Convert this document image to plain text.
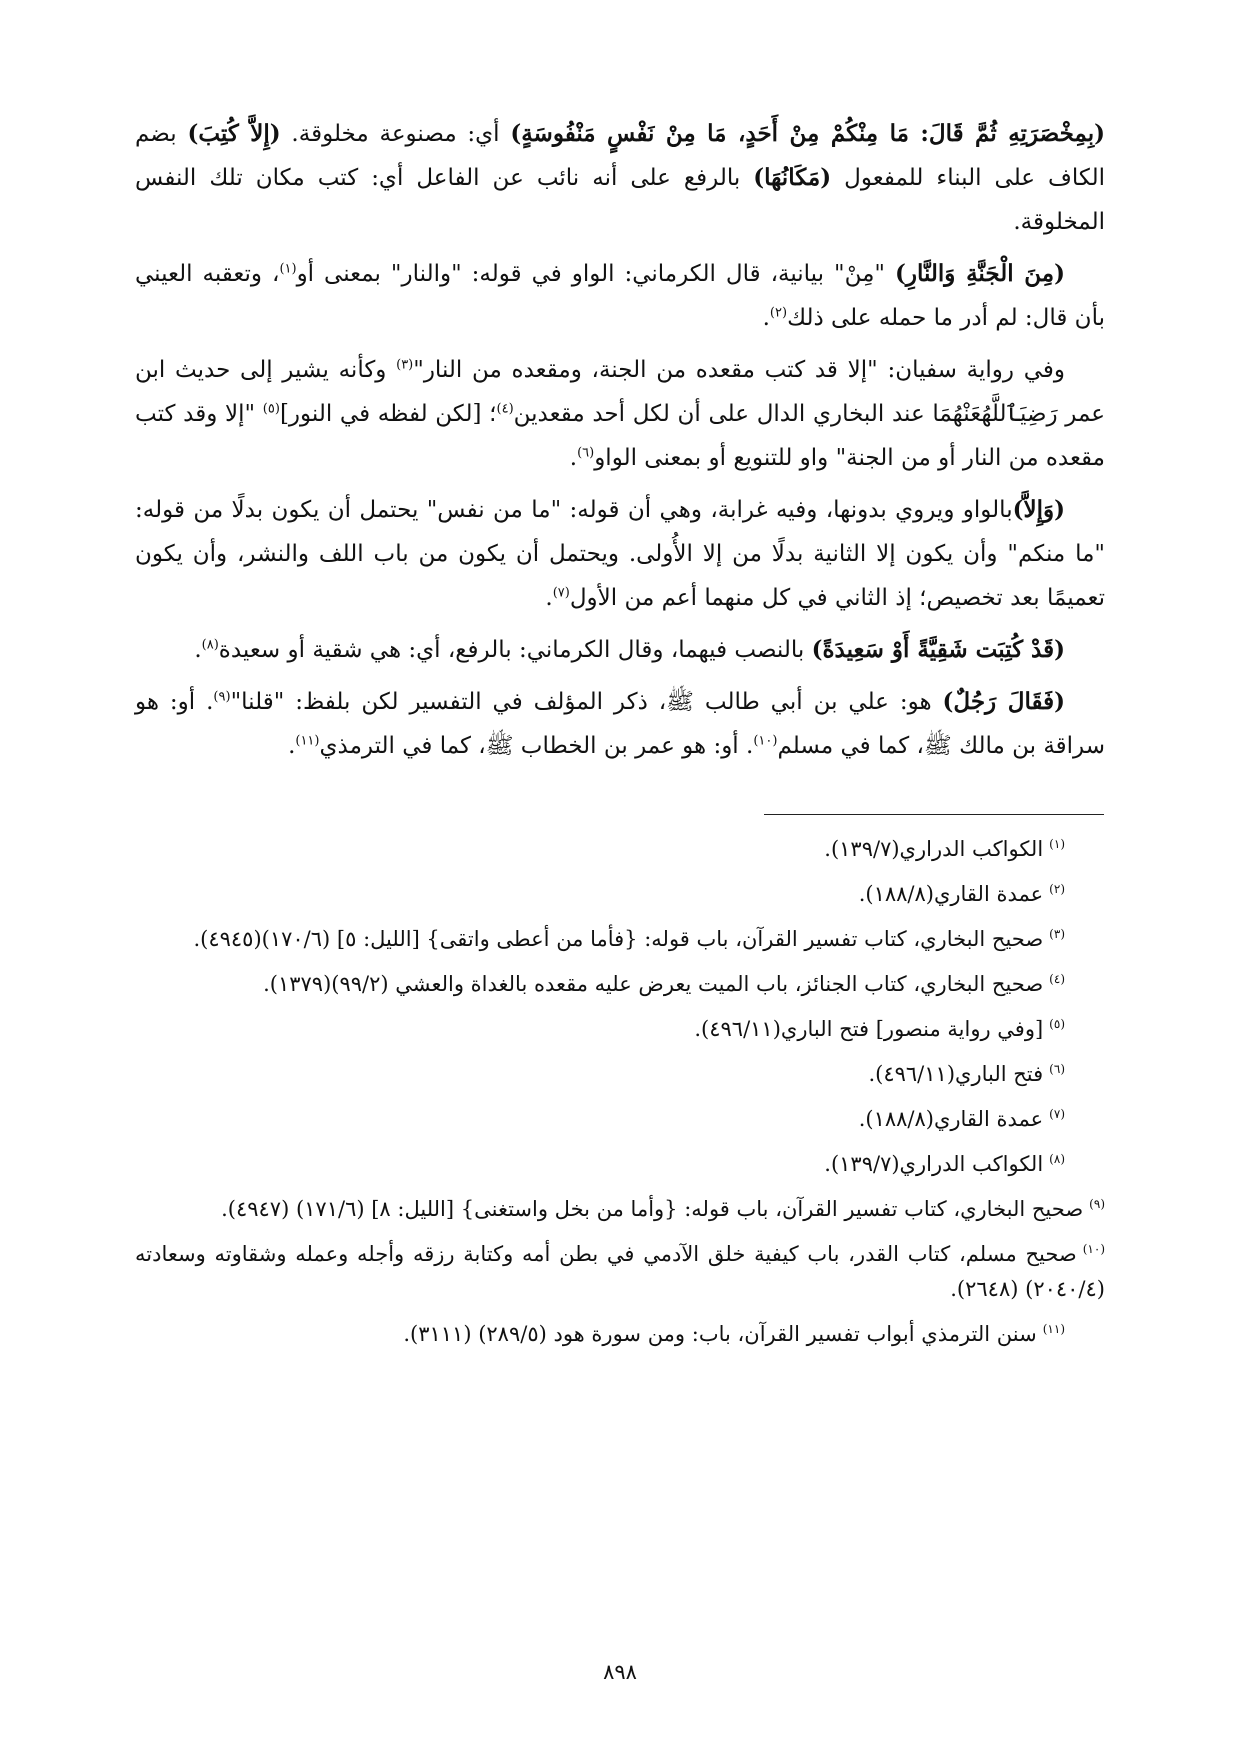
(بِمِخْصَرَتِهِ ثُمَّ قَالَ: مَا مِنْكُمْ مِنْ أَحَدٍ، مَا مِنْ نَفْسٍ مَنْفُوسَةٍ) أي: مصنوعة مخلوقة. (إِلاَّ كُتِبَ) بضم الكاف على البناء للمفعول (مَكَانُهَا) بالرفع على أنه نائب عن الفاعل أي: كتب مكان تلك النفس المخلوقة.

(مِنَ الْجَنَّةِ وَالنَّارِ) "مِنْ" بيانية، قال الكرماني: الواو في قوله: "والنار" بمعنى أو$^{(١)}$، وتعقبه العيني بأن قال: لم أدر ما حمله على ذلك$^{(٢)}$.

وفي رواية سفيان: "إلا قد كتب مقعده من الجنة، ومقعده من النار"$^{(٣)}$ وكأنه يشير إلى حديث ابن عمر رَضِيَٱللَّهُعَنْهُمَا عند البخاري الدال على أن لكل أحد مقعدين$^{(٤)}$؛ [لكن لفظه في النور]$^{(٥)}$ "إلا وقد كتب مقعده من النار أو من الجنة" واو للتنويع أو بمعنى الواو$^{(٦)}$.

(وَإِلاَّ)بالواو ويروي بدونها، وفيه غرابة، وهي أن قوله: "ما من نفس" يحتمل أن يكون بدلًا من قوله: "ما منكم" وأن يكون إلا الثانية بدلًا من إلا الأُولى. ويحتمل أن يكون من باب اللف والنشر، وأن يكون تعميمًا بعد تخصيص؛ إذ الثاني في كل منهما أعم من الأول$^{(٧)}$.

(قَدْ كُتِبَت شَقِيَّةً أَوْ سَعِيدَةً) بالنصب فيهما، وقال الكرماني: بالرفع، أي: هي شقية أو سعيدة$^{(٨)}$.

(فَقَالَ رَجُلٌ) هو: علي بن أبي طالب ﷺ، ذكر المؤلف في التفسير لكن بلفظ: "قلنا"$^{(٩)}$. أو: هو سراقة بن مالك ﷺ، كما في مسلم$^{(١٠)}$. أو: هو عمر بن الخطاب ﷺ، كما في الترمذي$^{(١١)}$.

$^{(١)}$الكواكب الدراري(١٣٩/٧).
$^{(٢)}$عمدة القاري(١٨٨/٨).
$^{(٣)}$صحيح البخاري، كتاب تفسير القرآن، باب قوله: {فأما من أعطى واتقى} [الليل: ٥] (١٧٠/٦)(٤٩٤٥).
$^{(٤)}$صحيح البخاري، كتاب الجنائز، باب الميت يعرض عليه مقعده بالغداة والعشي (٩٩/٢)(١٣٧٩).
$^{(٥)}$[وفي رواية منصور] فتح الباري(٤٩٦/١١).
$^{(٦)}$فتح الباري(٤٩٦/١١).
$^{(٧)}$عمدة القاري(١٨٨/٨).
$^{(٨)}$الكواكب الدراري(١٣٩/٧).
$^{(٩)}$صحيح البخاري، كتاب تفسير القرآن، باب قوله: {وأما من بخل واستغنى} [الليل: ٨] (١٧١/٦) (٤٩٤٧).
$^{(١٠)}$صحيح مسلم، كتاب القدر، باب كيفية خلق الآدمي في بطن أمه وكتابة رزقه وأجله وعمله وشقاوته وسعادته (٢٠٤٠/٤) (٢٦٤٨).
$^{(١١)}$سنن الترمذي أبواب تفسير القرآن، باب: ومن سورة هود (٢٨٩/٥) (٣١١١).
٨٩٨
